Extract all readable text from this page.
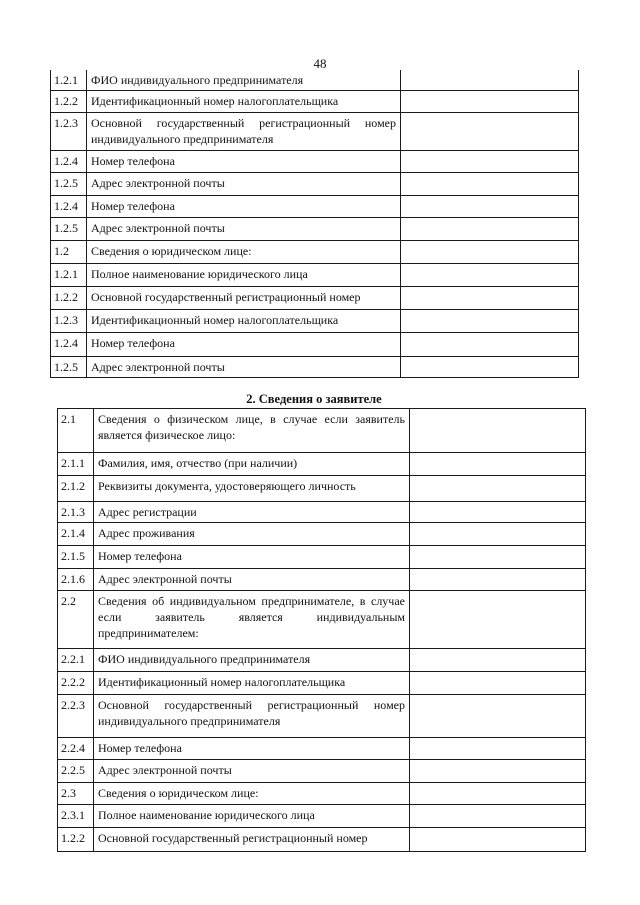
48
1.2.1	ФИО индивидуального предпринимателя	
1.2.2	Идентификационный номер налогоплательщика	
1.2.3	Основной государственный регистрационный номер индивидуального предпринимателя	
1.2.4	Номер телефона	
1.2.5	Адрес электронной почты	
1.2.4	Номер телефона	
1.2.5	Адрес электронной почты	
1.2	Сведения о юридическом лице:	
1.2.1	Полное наименование юридического лица	
1.2.2	Основной государственный регистрационный номер	
1.2.3	Идентификационный номер налогоплательщика	
1.2.4	Номер телефона	
1.2.5	Адрес электронной почты	
2. Сведения о заявителе
2.1	Сведения о физическом лице, в случае если заявитель является физическое лицо:	
2.1.1	Фамилия, имя, отчество (при наличии)	
2.1.2	Реквизиты документа, удостоверяющего личность	
2.1.3	Адрес регистрации	
2.1.4	Адрес проживания	
2.1.5	Номер телефона	
2.1.6	Адрес электронной почты	
2.2	Сведения об индивидуальном предпринимателе, в случае если заявитель является индивидуальным предпринимателем:	
2.2.1	ФИО индивидуального предпринимателя	
2.2.2	Идентификационный номер налогоплательщика	
2.2.3	Основной государственный регистрационный номер индивидуального предпринимателя	
2.2.4	Номер телефона	
2.2.5	Адрес электронной почты	
2.3	Сведения о юридическом лице:	
2.3.1	Полное наименование юридического лица	
1.2.2	Основной государственный регистрационный номер	
